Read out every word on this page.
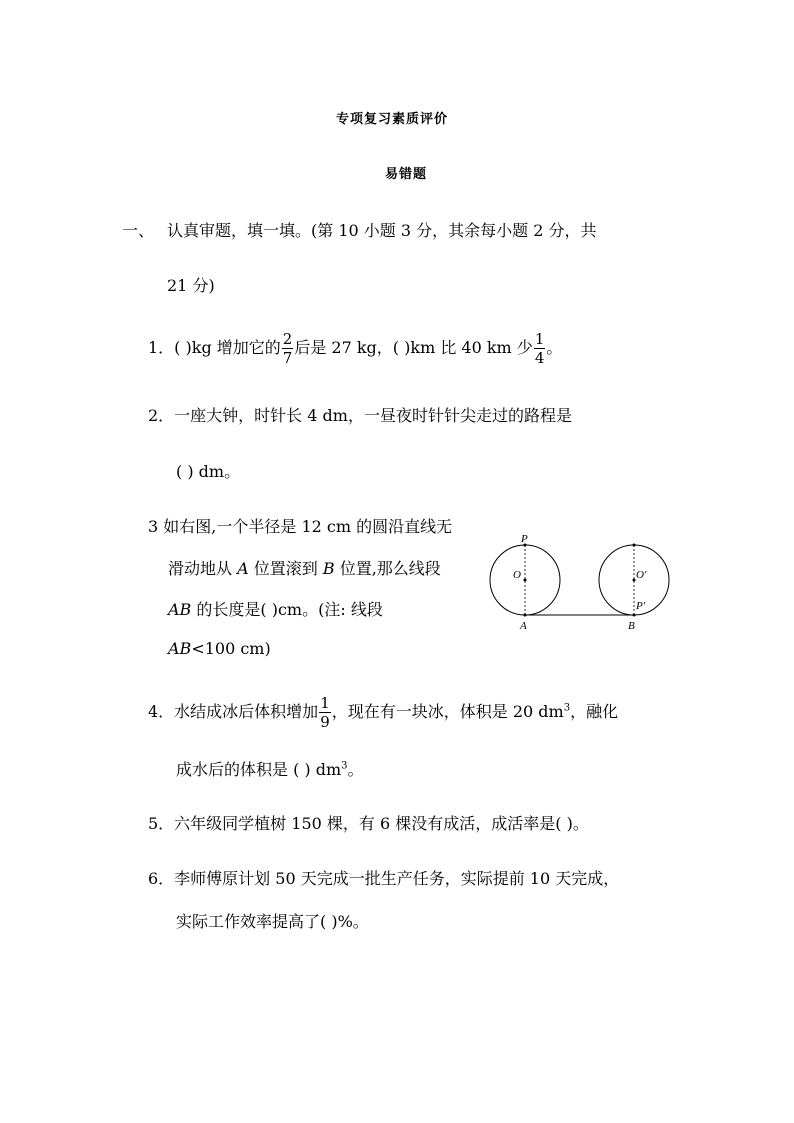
专项复习素质评价
易错题
一、 认真审题，填一填。(第 10 小题 3 分，其余每小题 2 分，共
21 分)
1．( )kg 增加它的 $\frac{2}{7}$ 后是 27 kg，( )km 比 40 km 少 $\frac{1}{4}$ 。
2．一座大钟，时针长 4 dm，一昼夜时针针尖走过的路程是
( ) dm。
3 如右图,一个半径是 12 cm 的圆沿直线无
滑动地从 A 位置滚到 B 位置,那么线段
AB 的长度是( )cm。(注: 线段
AB<100 cm)
P
O
A
O′
P′
B
4．水结成冰后体积增加 $\frac{1}{9}$ ，现在有一块冰，体积是 20 $dm^3$，融化
成水后的体积是 ( ) $dm^3$。
5．六年级同学植树 150 棵，有 6 棵没有成活，成活率是( )。
6．李师傅原计划 50 天完成一批生产任务，实际提前 10 天完成，
实际工作效率提高了( )%。
